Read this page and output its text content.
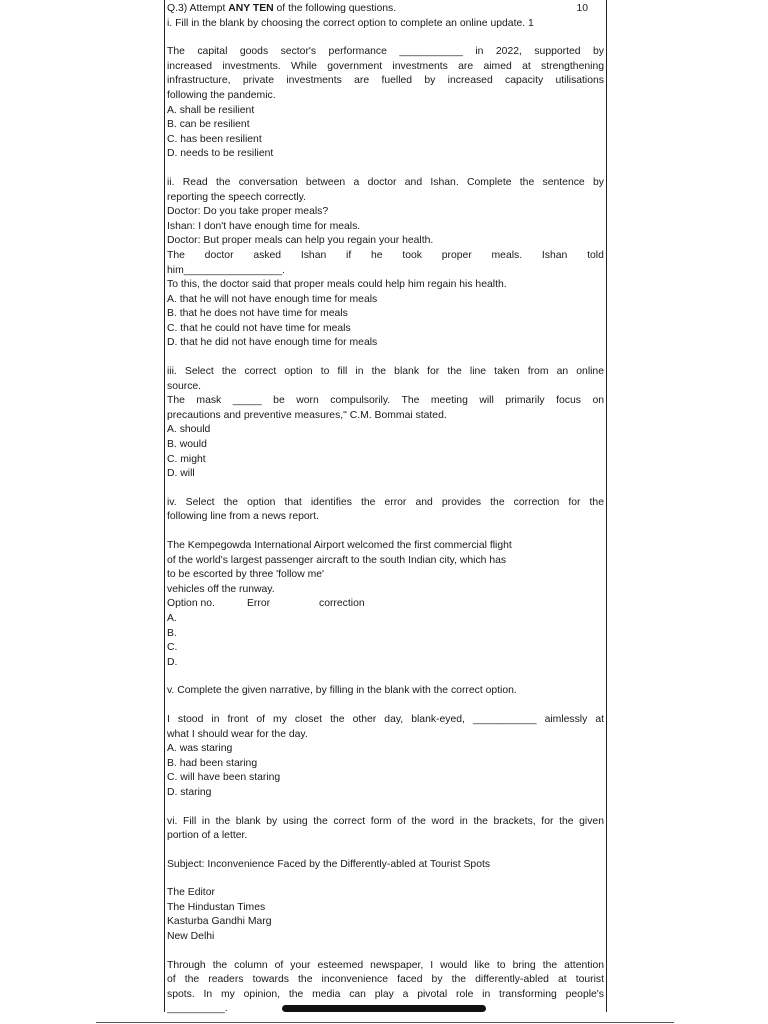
Q.3) Attempt ANY TEN of the following questions.	10
i. Fill in the blank by choosing the correct option to complete an online update. 1
The capital goods sector's performance ___________ in 2022, supported by
increased investments. While government investments are aimed at strengthening
infrastructure, private investments are fuelled by increased capacity utilisations
following the pandemic.
A. shall be resilient
B. can be resilient
C. has been resilient
D. needs to be resilient
ii. Read the conversation between a doctor and Ishan. Complete the sentence by
reporting the speech correctly.
Doctor: Do you take proper meals?
Ishan: I don't have enough time for meals.
Doctor: But proper meals can help you regain your health.
The doctor asked Ishan if he took proper meals. Ishan told
him_________________.
To this, the doctor said that proper meals could help him regain his health.
A. that he will not have enough time for meals
B. that he does not have time for meals
C. that he could not have time for meals
D. that he did not have enough time for meals
iii. Select the correct option to fill in the blank for the line taken from an online
source.
The mask _____ be worn compulsorily. The meeting will primarily focus on
precautions and preventive measures," C.M. Bommai stated.
A. should
B. would
C. might
D. will
iv. Select the option that identifies the error and provides the correction for the
following line from a news report.
The Kempegowda International Airport welcomed the first commercial flight
of the world's largest passenger aircraft to the south Indian city, which has
to be escorted by three 'follow me'
vehicles off the runway.
Option no.	Error	correction
A.
B.
C.
D.
v. Complete the given narrative, by filling in the blank with the correct option.
I stood in front of my closet the other day, blank-eyed, ___________ aimlessly at
what I should wear for the day.
A. was staring
B. had been staring
C. will have been staring
D. staring
vi. Fill in the blank by using the correct form of the word in the brackets, for the given
portion of a letter.
Subject: Inconvenience Faced by the Differently-abled at Tourist Spots
The Editor
The Hindustan Times
Kasturba Gandhi Marg
New Delhi
Through the column of your esteemed newspaper, I would like to bring the attention
of the readers towards the inconvenience faced by the differently-abled at tourist
spots. In my opinion, the media can play a pivotal role in transforming people's
__________.
